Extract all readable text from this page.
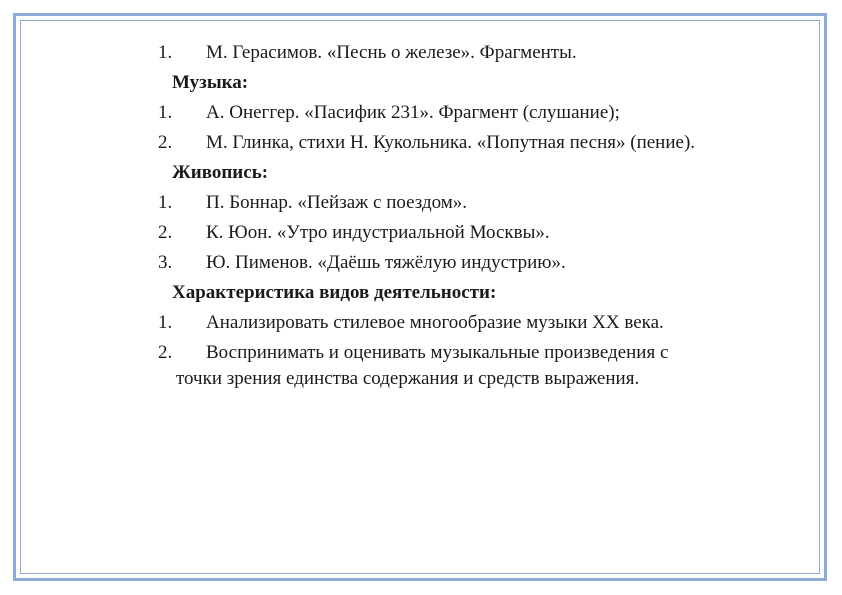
1.	М. Герасимов. «Песнь о железе». Фрагменты.
Музыка:
1.	А. Онеггер. «Пасифик 231». Фрагмент (слушание);
2.	М. Глинка, стихи Н. Кукольника. «Попутная песня» (пение).
Живопись:
1.	П. Боннар. «Пейзаж с поездом».
2.	К. Юон. «Утро индустриальной Москвы».
3.	Ю. Пименов. «Даёшь тяжёлую индустрию».
Характеристика видов деятельности:
1.	Анализировать стилевое многообразие музыки XX века.
2.	Воспринимать и оценивать музыкальные произведения с точки зрения единства содержания и средств выражения.
